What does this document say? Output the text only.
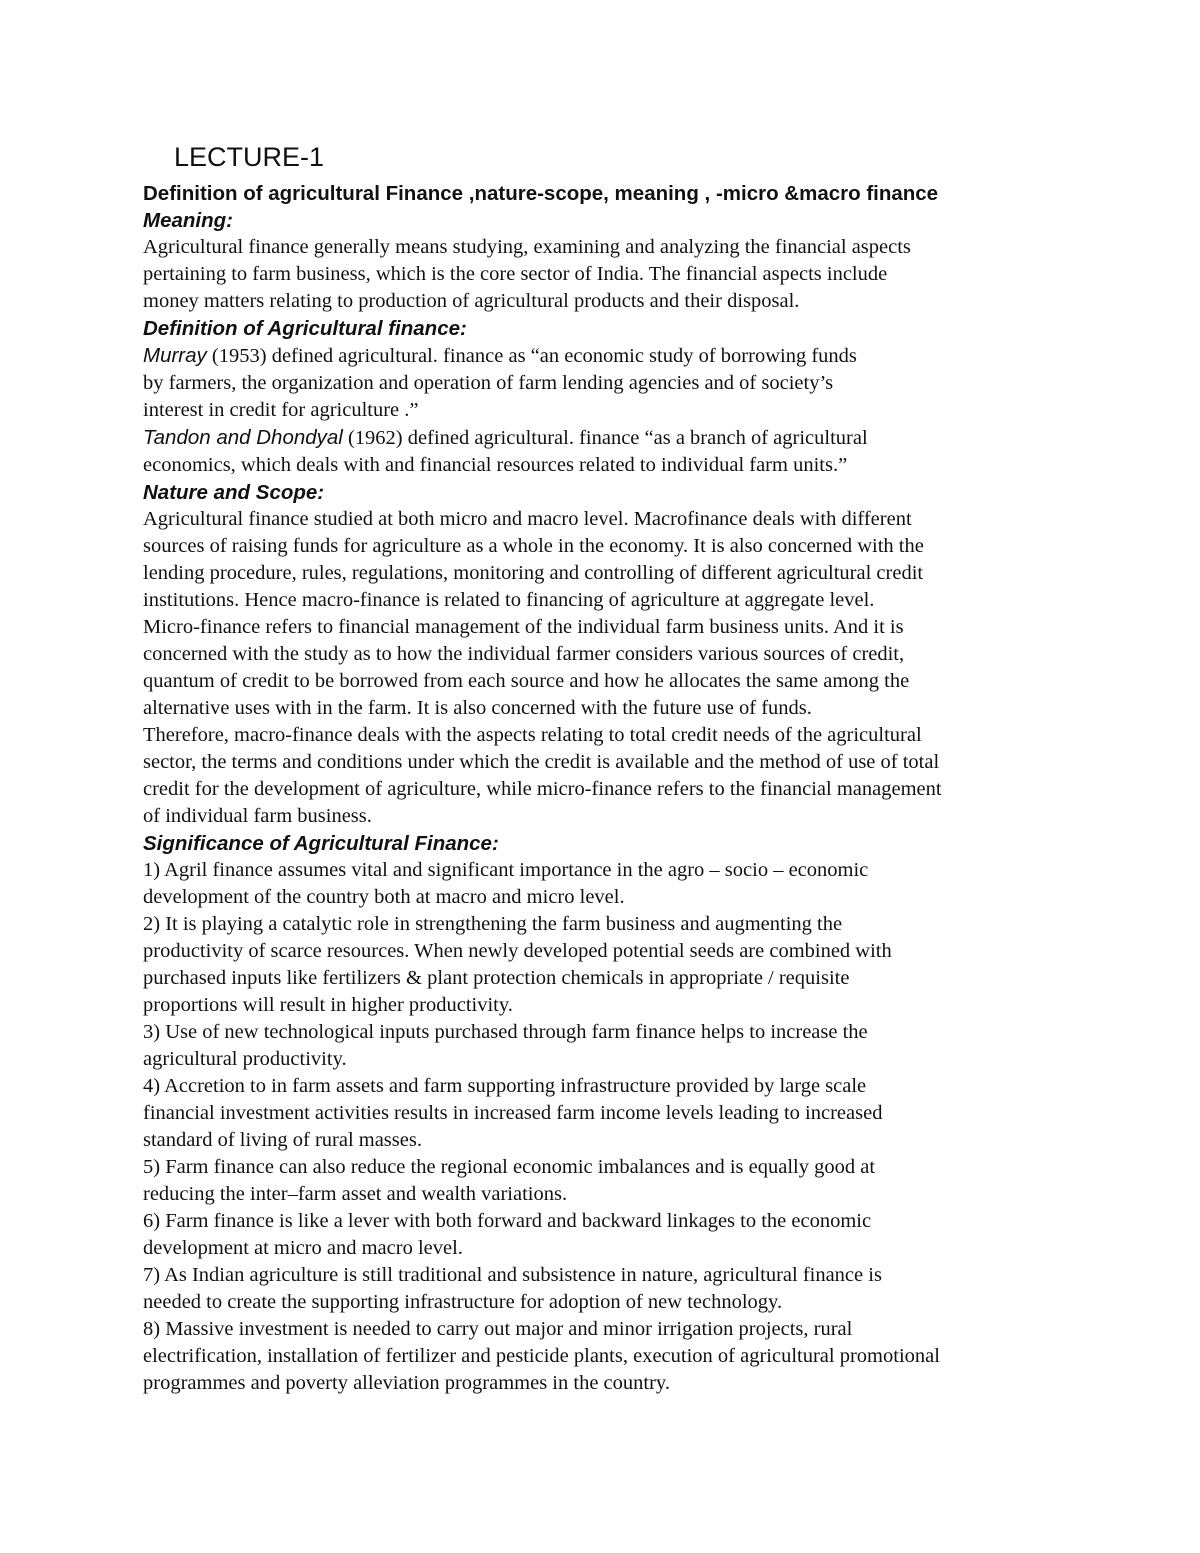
LECTURE-1
Definition of agricultural Finance ,nature-scope, meaning , -micro &macro finance
Meaning:

Agricultural finance generally means studying, examining and analyzing the financial aspects
pertaining to farm business, which is the core sector of India. The financial aspects include
money matters relating to production of agricultural products and their disposal.

Definition of Agricultural finance:

Murray (1953) defined agricultural. finance as “an economic study of borrowing funds
by farmers, the organization and operation of farm lending agencies and of society’s
interest in credit for agriculture .”

Tandon and Dhondyal (1962) defined agricultural. finance “as a branch of agricultural
economics, which deals with and financial resources related to individual farm units.”

Nature and Scope:

Agricultural finance studied at both micro and macro level. Macrofinance deals with different
sources of raising funds for agriculture as a whole in the economy. It is also concerned with the
lending procedure, rules, regulations, monitoring and controlling of different agricultural credit
institutions. Hence macro-finance is related to financing of agriculture at aggregate level.
Micro-finance refers to financial management of the individual farm business units. And it is
concerned with the study as to how the individual farmer considers various sources of credit,
quantum of credit to be borrowed from each source and how he allocates the same among the
alternative uses with in the farm. It is also concerned with the future use of funds.
Therefore, macro-finance deals with the aspects relating to total credit needs of the agricultural
sector, the terms and conditions under which the credit is available and the method of use of total
credit for the development of agriculture, while micro-finance refers to the financial management
of individual farm business.

Significance of Agricultural Finance:

1) Agril finance assumes vital and significant importance in the agro – socio – economic
development of the country both at macro and micro level.

2) It is playing a catalytic role in strengthening the farm business and augmenting the
productivity of scarce resources. When newly developed potential seeds are combined with
purchased inputs like fertilizers & plant protection chemicals in appropriate / requisite
proportions will result in higher productivity.

3) Use of new technological inputs purchased through farm finance helps to increase the
agricultural productivity.

4) Accretion to in farm assets and farm supporting infrastructure provided by large scale
financial investment activities results in increased farm income levels leading to increased
standard of living of rural masses.

5) Farm finance can also reduce the regional economic imbalances and is equally good at
reducing the inter–farm asset and wealth variations.

6) Farm finance is like a lever with both forward and backward linkages to the economic
development at micro and macro level.

7) As Indian agriculture is still traditional and subsistence in nature, agricultural finance is
needed to create the supporting infrastructure for adoption of new technology.

8) Massive investment is needed to carry out major and minor irrigation projects, rural
electrification, installation of fertilizer and pesticide plants, execution of agricultural promotional
programmes and poverty alleviation programmes in the country.
